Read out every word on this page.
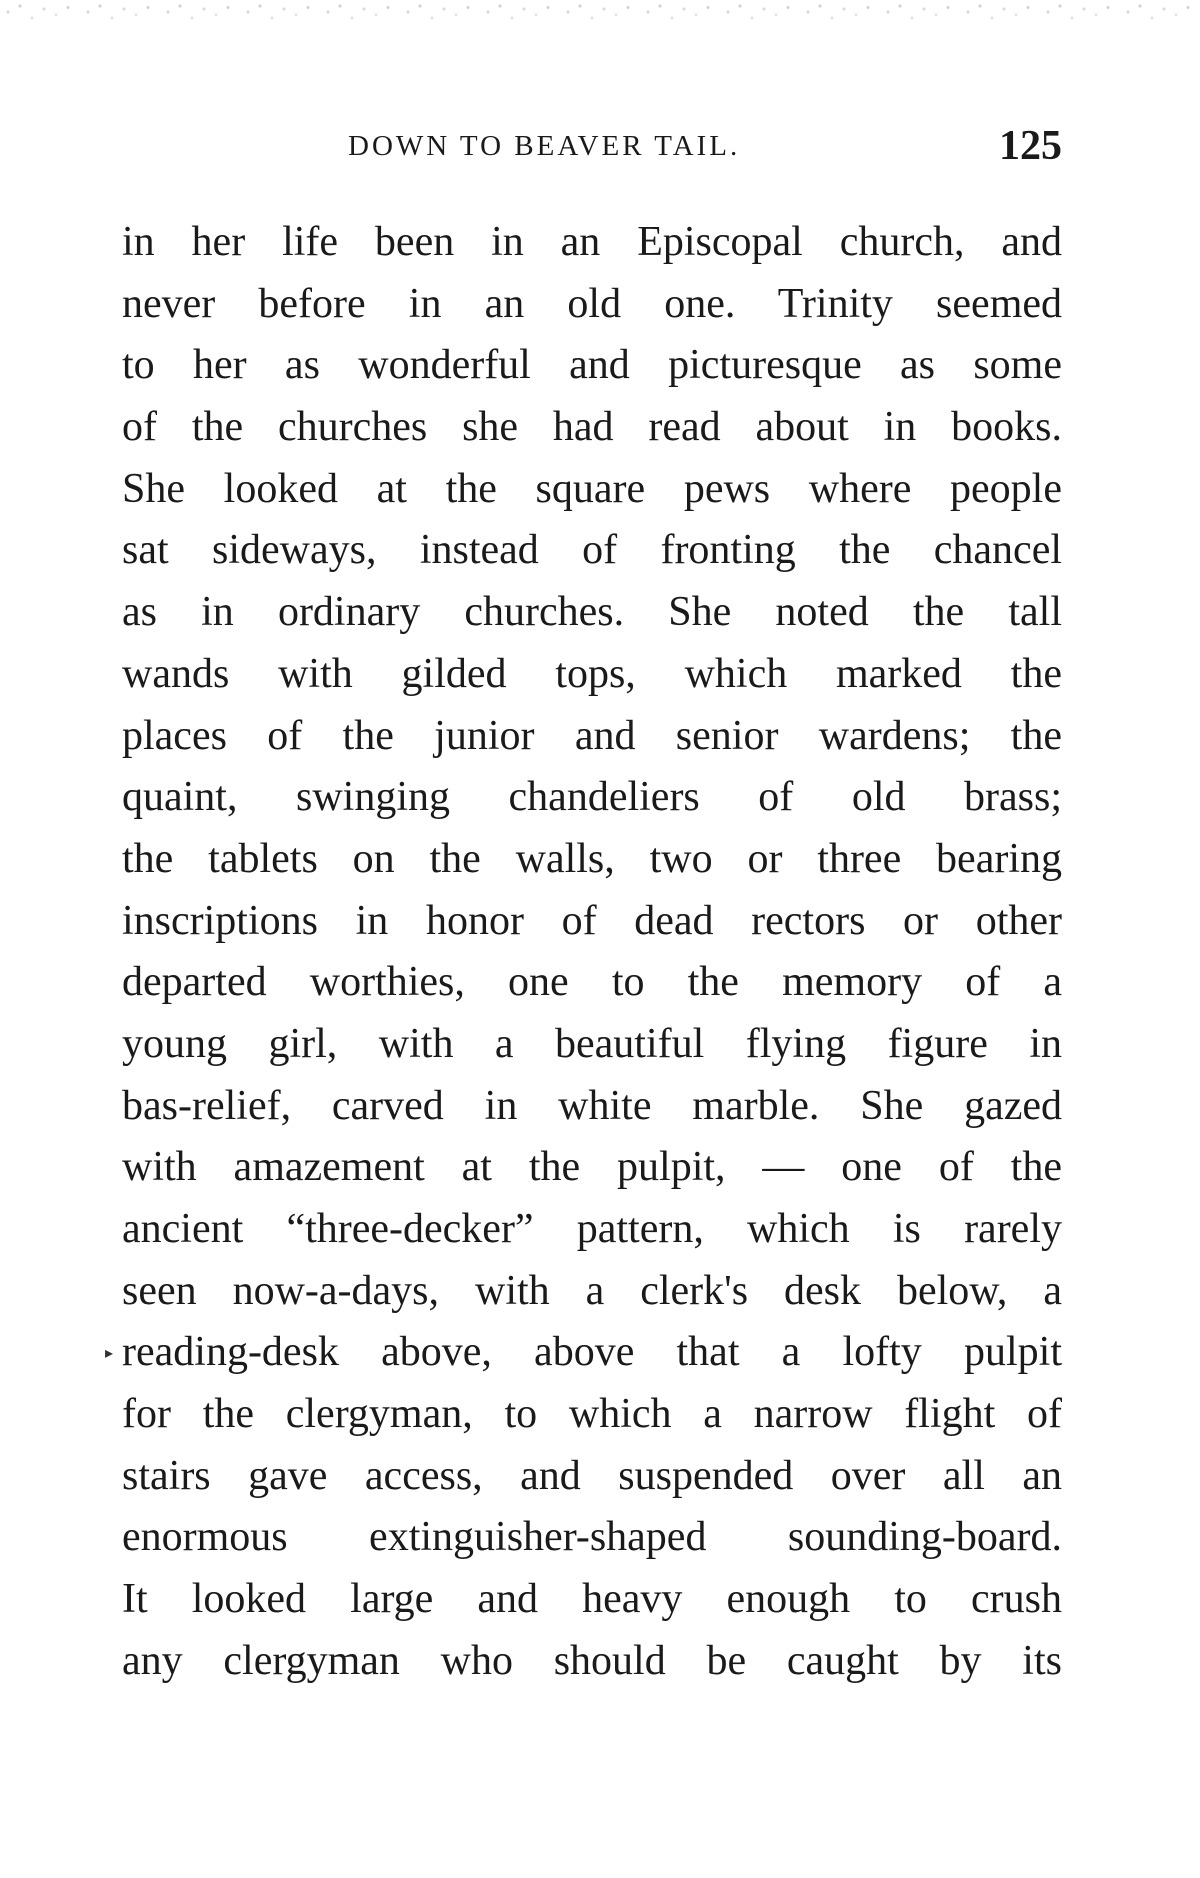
DOWN TO BEAVER TAIL.	125
▸
in her life been in an Episcopal church, and
never before in an old one. Trinity seemed
to her as wonderful and picturesque as some
of the churches she had read about in books.
She looked at the square pews where people
sat sideways, instead of fronting the chancel
as in ordinary churches. She noted the tall
wands with gilded tops, which marked the
places of the junior and senior wardens; the
quaint, swinging chandeliers of old brass;
the tablets on the walls, two or three bearing
inscriptions in honor of dead rectors or other
departed worthies, one to the memory of a
young girl, with a beautiful flying figure in
bas-relief, carved in white marble. She gazed
with amazement at the pulpit, — one of the
ancient “three-decker” pattern, which is rarely
seen now-a-days, with a clerk's desk below, a
reading-desk above, above that a lofty pulpit
for the clergyman, to which a narrow flight of
stairs gave access, and suspended over all an
enormous extinguisher-shaped sounding-board.
It looked large and heavy enough to crush
any clergyman who should be caught by its
